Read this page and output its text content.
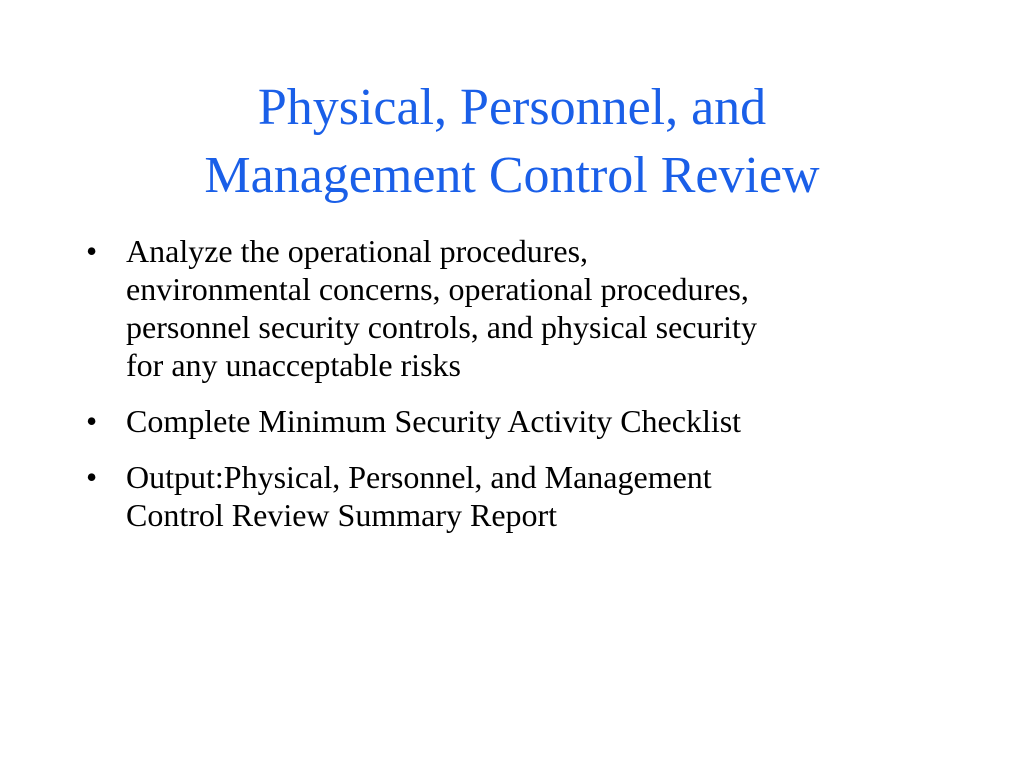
Physical, Personnel, and
Management Control Review
• Analyze the operational procedures,
environmental concerns, operational procedures,
personnel security controls, and physical security
for any unacceptable risks
• Complete Minimum Security Activity Checklist
• Output:Physical, Personnel, and Management
Control Review Summary Report
